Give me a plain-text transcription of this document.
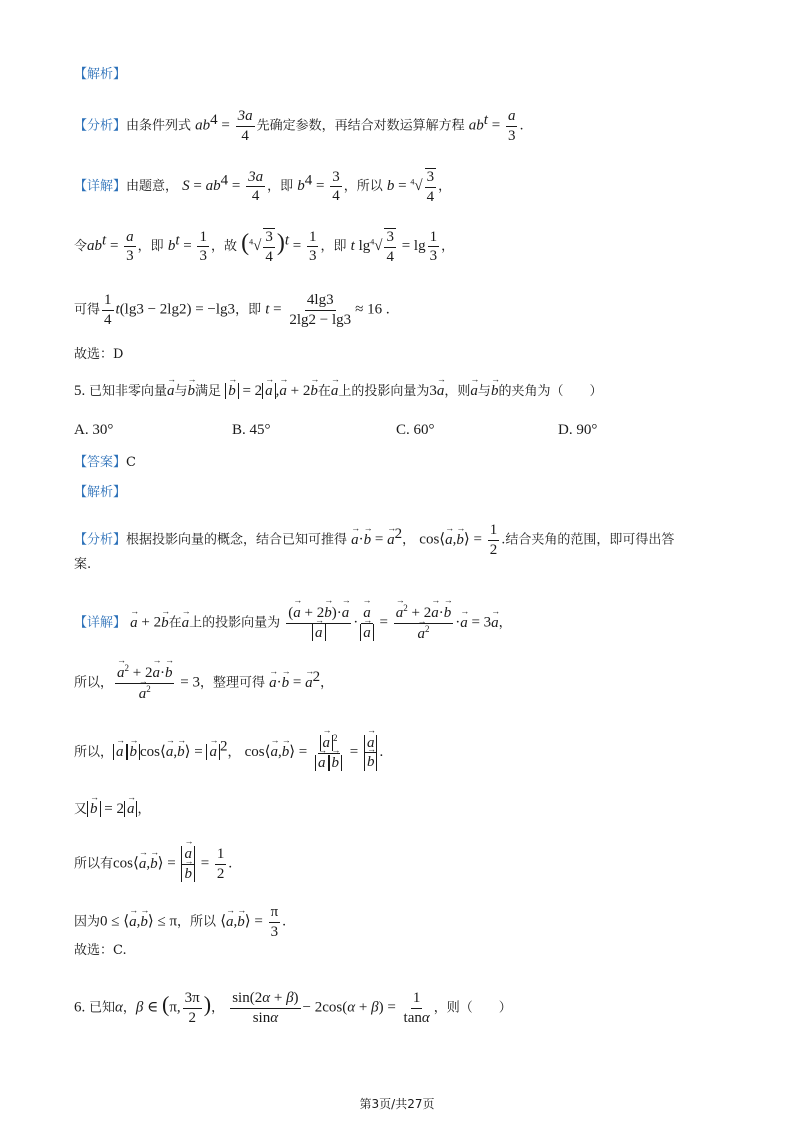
【解析】
【分析】由条件列式 $ab^4 = \frac{3a}{4}$ 先确定参数，再结合对数运算解方程 $ab^t = \frac{a}{3}$ .
【详解】由题意， $S = ab^4 = \frac{3a}{4}$ ，即 $b^4 = \frac{3}{4}$ ，所以 $b = ^4√ \frac{3}{4}$ ，
令$ab^t = \frac{a}{3}$ ，即 $b^t = \frac{1}{3}$ ，故 $(^4√ \frac{3}{4} )^t = \frac{1}{3}$ ，即 t $\lg^4√ \frac{3}{4} = \lg \frac{1}{3}$ ，
可得 $\frac{1}{4} t(\lg 3 - 2\lg 2) = -\lg 3$，即 $t = \frac{4\lg 3}{2\lg 2 - \lg 3} \approx 16$ .
故选：D
5. 已知非零向量→ a与→ b满足 → b = 2 → a ,→ a + 2→ b在→ a上的投影向量为3→ a，则→ a与→ b的夹角为（　　）
A. 30°	B. 45°	C. 60°	D. 90°
【答案】C
【解析】
【分析】根据投影向量的概念，结合已知可推得 → a·→ b = → $a^2$， cos⟨→ a,→ b⟩ = $\frac{1}{2}$ .结合夹角的范围，即可得出答
案.
【详解】 → a + 2→ b在→ a上的投影向量为 (→ a + 2→ b)·→ a
→ a · → a
→ a = → $a^2 + 2\to a\cdot\to b$
→ $a^2 \cdot\to a = 3\to a$，
所以， → $a^2 + 2\to a\cdot\to b$
→ $a^2 = 3$，整理可得 → a·→ b = → $a^2$，
所以， → a → b cos⟨→ a,→ b⟩ = → a $^2$， cos⟨→ a,→ b⟩ = → a $^2$
→ a → b = → a
→ b .
又 → b = 2 → a ，
所以有cos⟨→ a,→ b⟩ = → a
→ $b = \frac{1}{2}$ .
因为0 ≤ ⟨→ a,→ b⟩ ≤ π，所以 ⟨→ a,→ b⟩ = $\frac{\pi}{3}$ .
故选：C.
6. 已知α，β ∈ (π, $\frac{3\pi}{2}$ )， $\frac{\sin(2\alpha + \beta)}{\sin\alpha} - 2\cos(\alpha + \beta) = \frac{1}{\tan\alpha}$ ，则（　　）
第3页/共27页
